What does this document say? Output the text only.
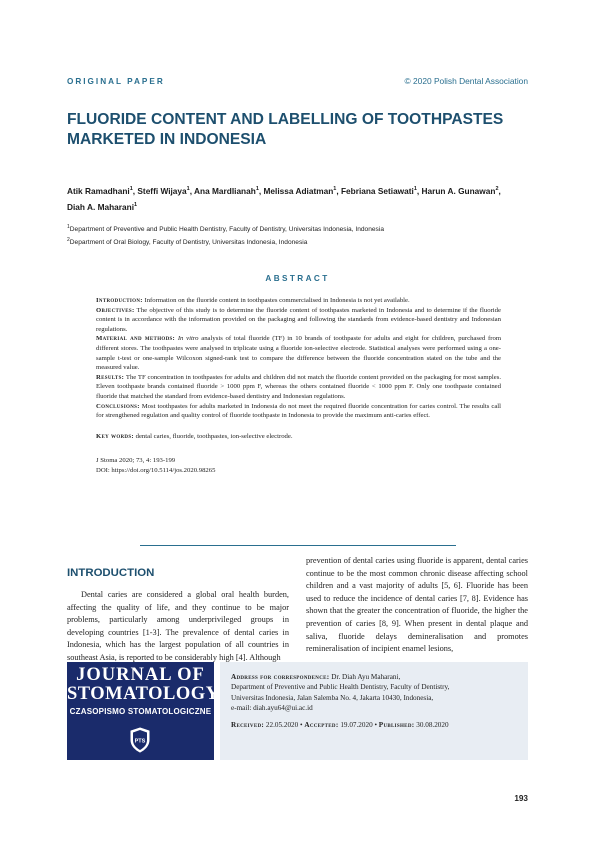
ORIGINAL PAPER	© 2020 Polish Dental Association
FLUORIDE CONTENT AND LABELLING OF TOOTHPASTES MARKETED IN INDONESIA
Atik Ramadhani$^1$, Steffi Wijaya$^1$, Ana Mardlianah$^1$, Melissa Adiatman$^1$, Febriana Setiawati$^1$, Harun A. Gunawan$^2$,
Diah A. Maharani$^1$
$^1$Department of Preventive and Public Health Dentistry, Faculty of Dentistry, Universitas Indonesia, Indonesia
$^2$Department of Oral Biology, Faculty of Dentistry, Universitas Indonesia, Indonesia
ABSTRACT

Introduction: Information on the fluoride content in toothpastes commercialised in Indonesia is not yet available.

Objectives: The objective of this study is to determine the fluoride content of toothpastes marketed in Indonesia and to determine if the fluoride content is in accordance with the information provided on the packaging and following the standards from evidence-based dentistry and Indonesian regulations.

Material and methods: In vitro analysis of total fluoride (TF) in 10 brands of toothpaste for adults and eight for children, purchased from different stores. The toothpastes were analysed in triplicate using a fluoride ion-selective electrode. Statistical analyses were performed using a one-sample t-test or one-sample Wilcoxon signed-rank test to compare the difference between the fluoride concentration stated on the tube and the measured value.

Results: The TF concentration in toothpastes for adults and children did not match the fluoride content provided on the packaging for most samples. Eleven toothpaste brands contained fluoride > 1000 ppm F, whereas the others contained fluoride < 1000 ppm F. Only one toothpaste contained fluoride that matched the standard from evidence-based dentistry and Indonesian regulations.

Conclusions: Most toothpastes for adults marketed in Indonesia do not meet the required fluoride concentration for caries control. The results call for strengthened regulation and quality control of fluoride toothpaste in Indonesia to provide the maximum anti-caries effect.

Key words: dental caries, fluoride, toothpastes, ion-selective electrode.

J Stoma 2020; 73, 4: 193-199

DOI: https://doi.org/10.5114/jos.2020.98265

INTRODUCTION

Dental caries are considered a global oral health burden, affecting the quality of life, and they continue to be major problems, particularly among underprivileged groups in developing countries [1-3]. The prevalence of dental caries in Indonesia, which has the largest population of all countries in southeast Asia, is reported to be considerably high [4]. Although

prevention of dental caries using fluoride is apparent, dental caries continue to be the most common chronic disease affecting school children and a vast majority of adults [5, 6]. Fluoride has been used to reduce the incidence of dental caries [7, 8]. Evidence has shown that the greater the concentration of fluoride, the higher the prevention of caries [8, 9]. When present in dental plaque and saliva, fluoride delays demineralisation and promotes remineralisation of incipient enamel lesions,

JOURNAL OF
STOMATOLOGY
CZASOPISMO STOMATOLOGICZNE
PTS

Address for correspondence: Dr. Diah Ayu Maharani,

Department of Preventive and Public Health Dentistry, Faculty of Dentistry,

Universitas Indonesia, Jalan Salemba No. 4, Jakarta 10430, Indonesia,

e-mail: diah.ayu64@ui.ac.id

Received: 22.05.2020 • Accepted: 19.07.2020 • Published: 30.08.2020

193
